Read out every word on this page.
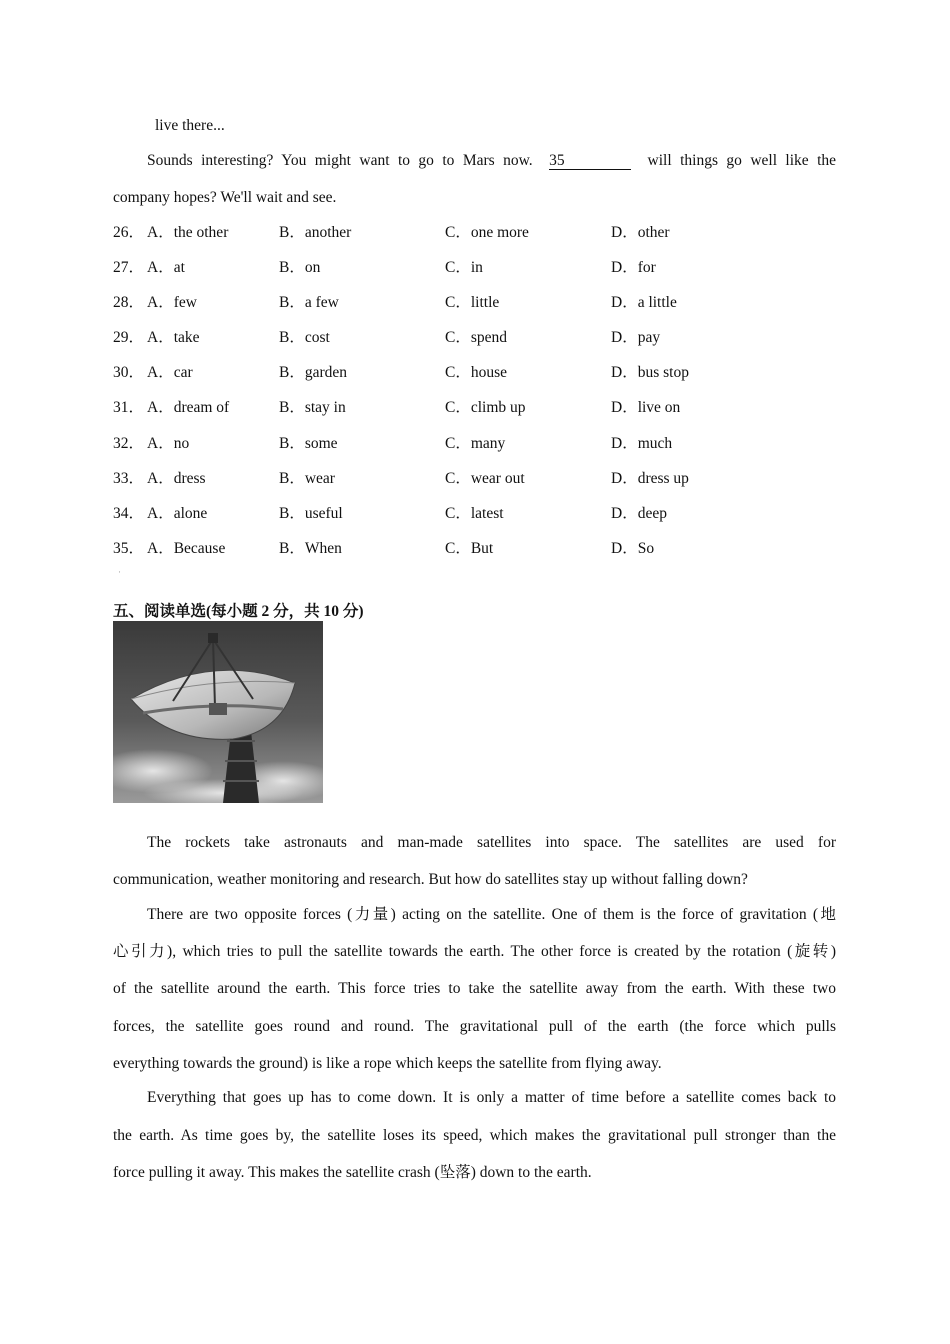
live there...
Sounds interesting? You might want to go to Mars now. 35	will things go well like the
company hopes? We'll wait and see.
26． A．the other	B．another	C．one more	D．other
27． A．at	B．on	C．in	D．for
28． A．few	B．a few	C．little	D．a little
29． A．take	B．cost	C．spend	D．pay
30． A．car	B．garden	C．house	D．bus stop
31． A．dream of	B．stay in	C．climb up	D．live on
32． A．no	B．some	C．many	D．much
33． A．dress	B．wear	C．wear out	D．dress up
34． A．alone	B．useful	C．latest	D．deep
35． A．Because	B．When	C．But	D．So
·
五、阅读单选(每小题 2 分，共 10 分)
The rockets take astronauts and man-made satellites into space. The satellites are used for
communication, weather monitoring and research. But how do satellites stay up without falling down?
There are two opposite forces (力量) acting on the satellite. One of them is the force of gravitation (地
心引力), which tries to pull the satellite towards the earth. The other force is created by the rotation (旋转)
of the satellite around the earth. This force tries to take the satellite away from the earth. With these two
forces, the satellite goes round and round. The gravitational pull of the earth (the force which pulls
everything towards the ground) is like a rope which keeps the satellite from flying away.
Everything that goes up has to come down. It is only a matter of time before a satellite comes back to
the earth. As time goes by, the satellite loses its speed, which makes the gravitational pull stronger than the
force pulling it away. This makes the satellite crash (坠落) down to the earth.
